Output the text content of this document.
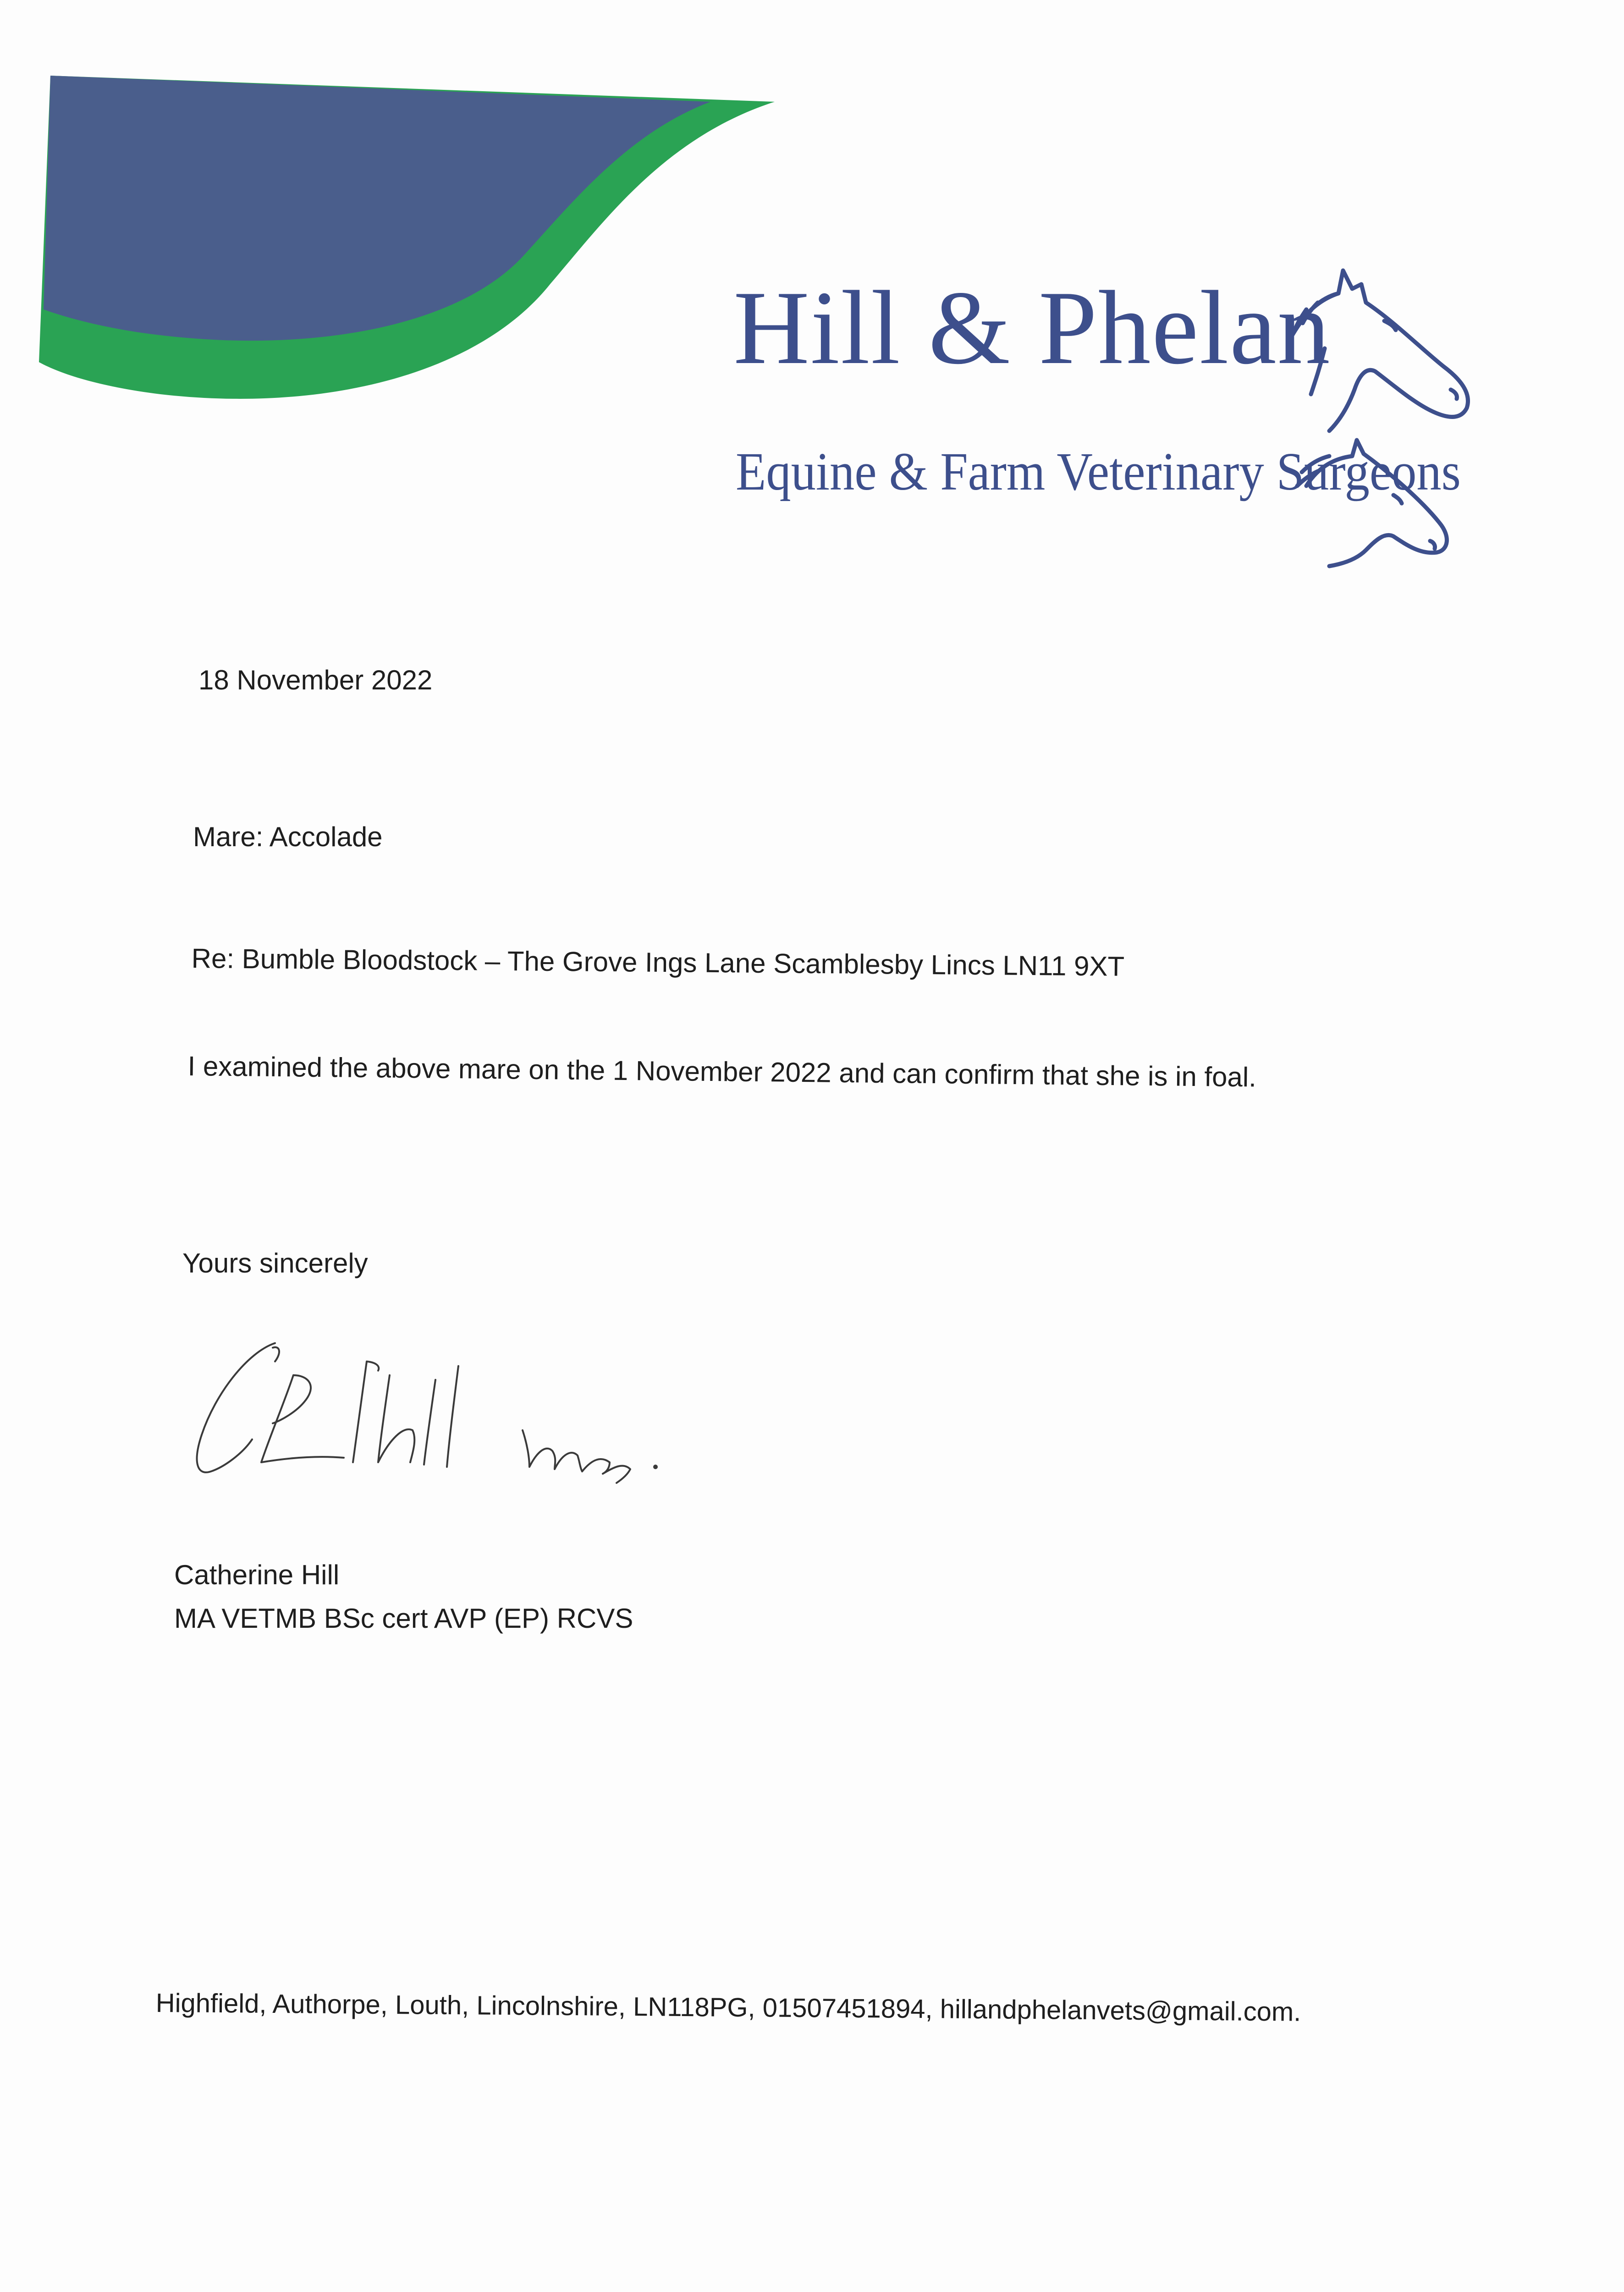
Hill & Phelan
Equine & Farm Veterinary Surgeons
18 November 2022
Mare: Accolade
Re: Bumble Bloodstock – The Grove Ings Lane Scamblesby Lincs LN11 9XT
I examined the above mare on the 1 November 2022 and can confirm that she is in foal.
Yours sincerely
Catherine Hill
MA VETMB BSc cert AVP (EP) RCVS
Highfield, Authorpe, Louth, Lincolnshire, LN118PG, 01507451894, hillandphelanvets@gmail.com.
